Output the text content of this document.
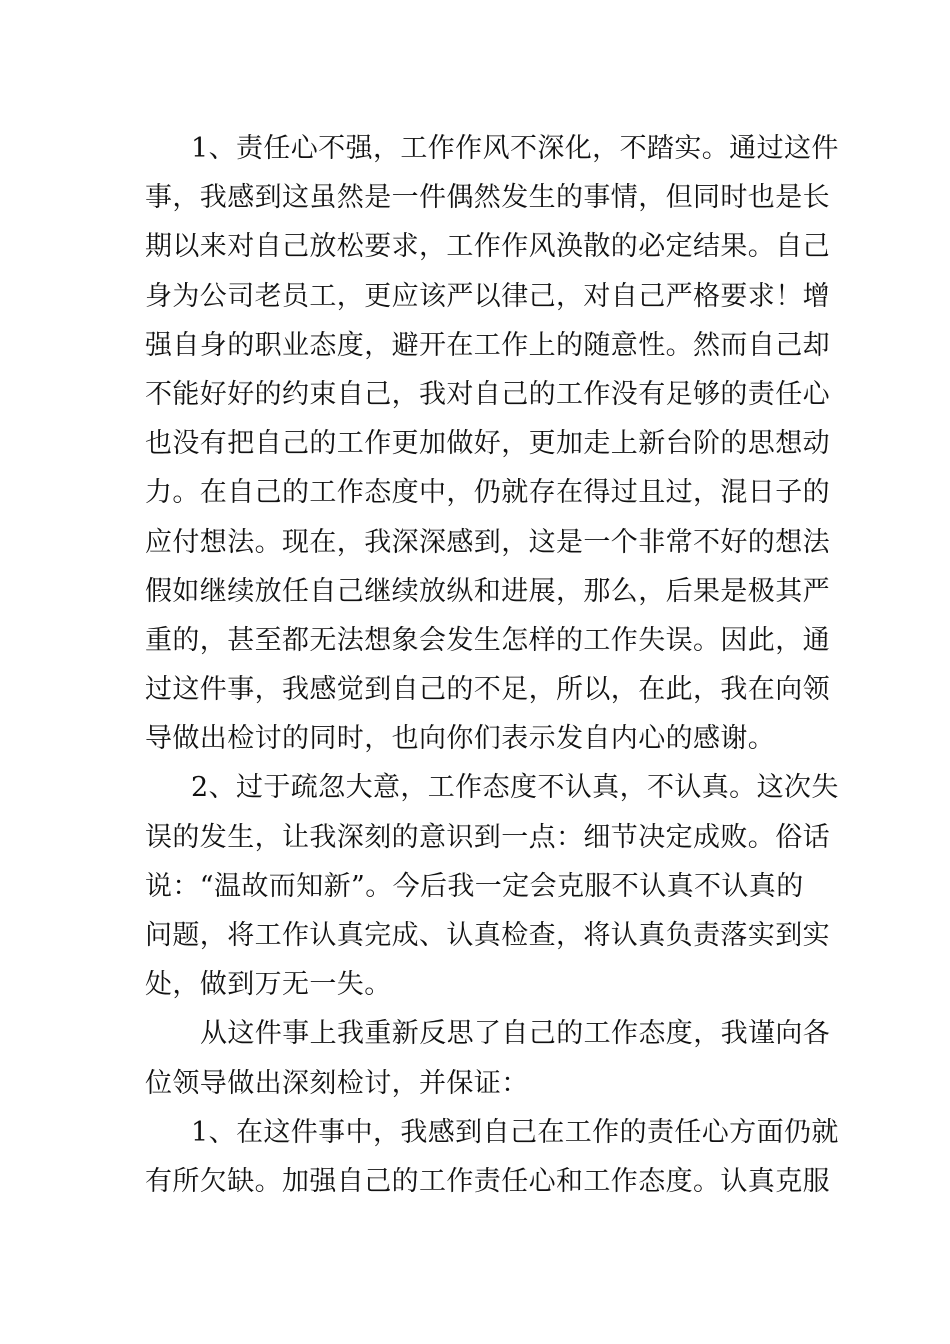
1、责任心不强，工作作风不深化，不踏实。通过这件
事，我感到这虽然是一件偶然发生的事情，但同时也是长
期以来对自己放松要求，工作作风涣散的必定结果。自己
身为公司老员工，更应该严以律己，对自己严格要求！增
强自身的职业态度，避开在工作上的随意性。然而自己却
不能好好的约束自己，我对自己的工作没有足够的责任心
也没有把自己的工作更加做好，更加走上新台阶的思想动
力。在自己的工作态度中，仍就存在得过且过，混日子的
应付想法。现在，我深深感到，这是一个非常不好的想法
假如继续放任自己继续放纵和进展，那么，后果是极其严
重的，甚至都无法想象会发生怎样的工作失误。因此，通
过这件事，我感觉到自己的不足，所以，在此，我在向领
导做出检讨的同时，也向你们表示发自内心的感谢。
2、过于疏忽大意，工作态度不认真，不认真。这次失
误的发生，让我深刻的意识到一点：细节决定成败。俗话
说：“温故而知新”。今后我一定会克服不认真不认真的
问题，将工作认真完成、认真检查，将认真负责落实到实
处，做到万无一失。
从这件事上我重新反思了自己的工作态度，我谨向各
位领导做出深刻检讨，并保证：
1、在这件事中，我感到自己在工作的责任心方面仍就
有所欠缺。加强自己的工作责任心和工作态度。认真克服
